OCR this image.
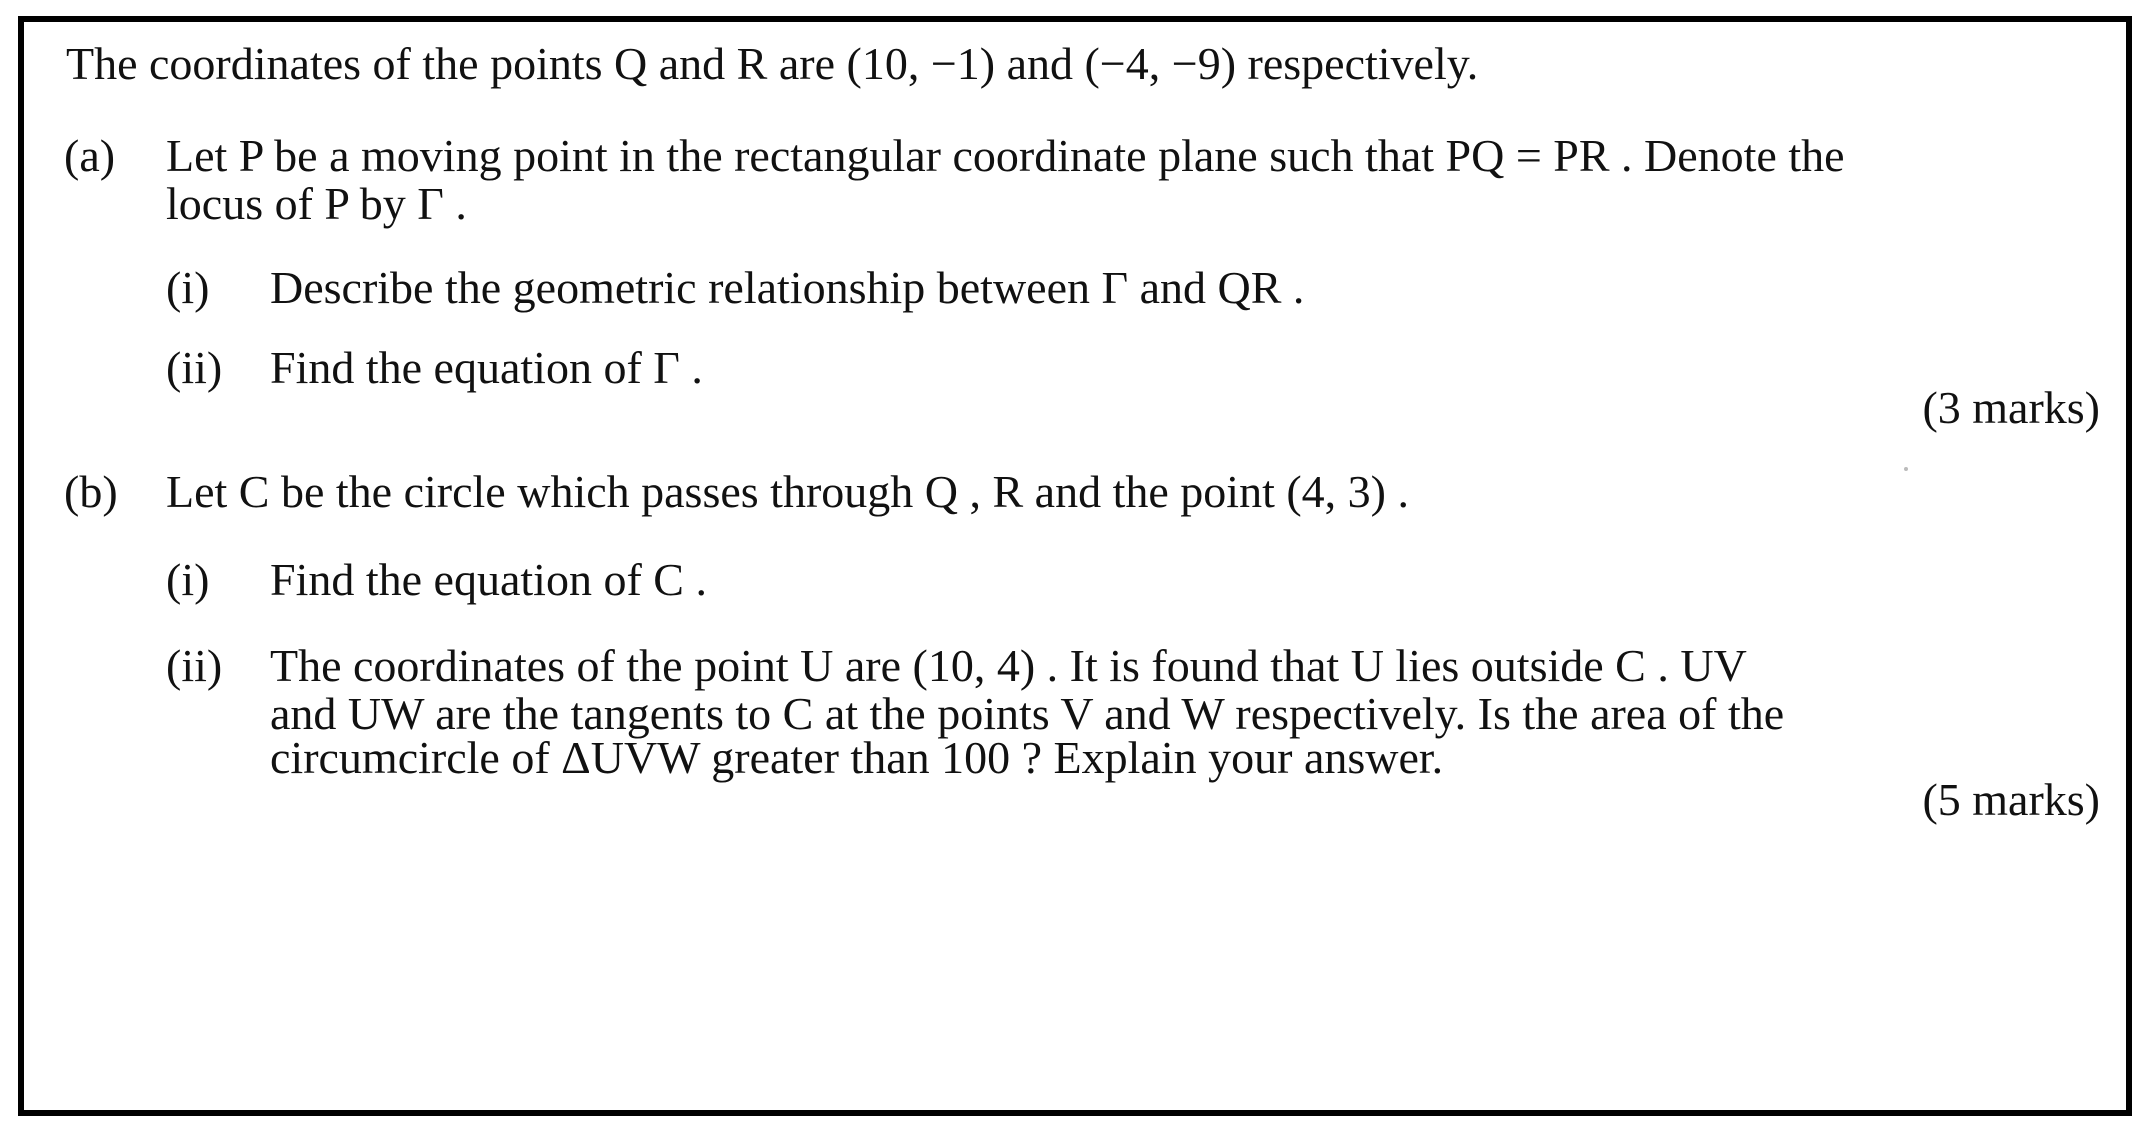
The coordinates of the points Q and R are (10, −1) and (−4, −9) respectively.
(a) Let P be a moving point in the rectangular coordinate plane such that PQ = PR . Denote the
locus of P by Γ .
(i) Describe the geometric relationship between Γ and QR .
(ii) Find the equation of Γ .
(3 marks)
(b) Let C be the circle which passes through Q , R and the point (4, 3) .
(i) Find the equation of C .
(ii) The coordinates of the point U are (10, 4) . It is found that U lies outside C . UV
and UW are the tangents to C at the points V and W respectively. Is the area of the
circumcircle of ΔUVW greater than 100 ? Explain your answer.
(5 marks)
